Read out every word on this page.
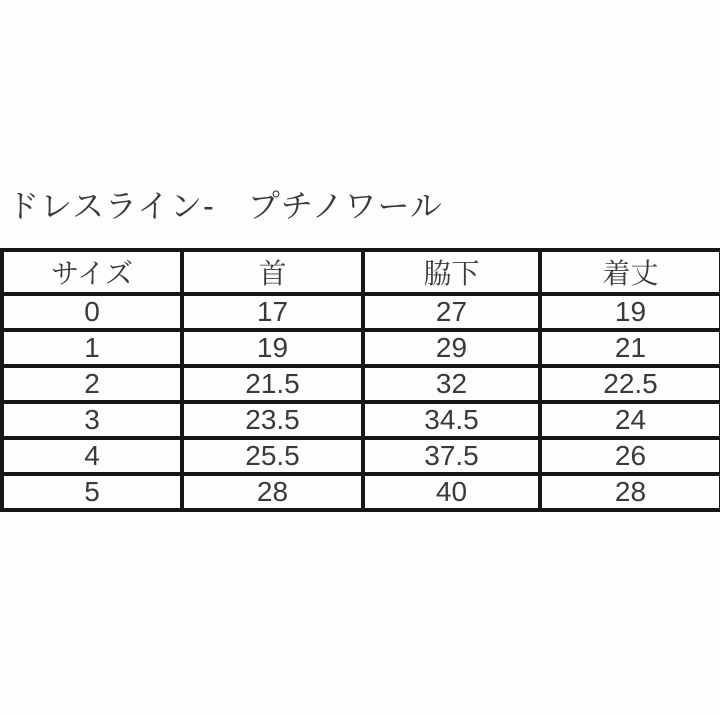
ドレスライン-　プチノワール
サイズ	首	脇下	着丈
0	17	27	19
1	19	29	21
2	21.5	32	22.5
3	23.5	34.5	24
4	25.5	37.5	26
5	28	40	28
